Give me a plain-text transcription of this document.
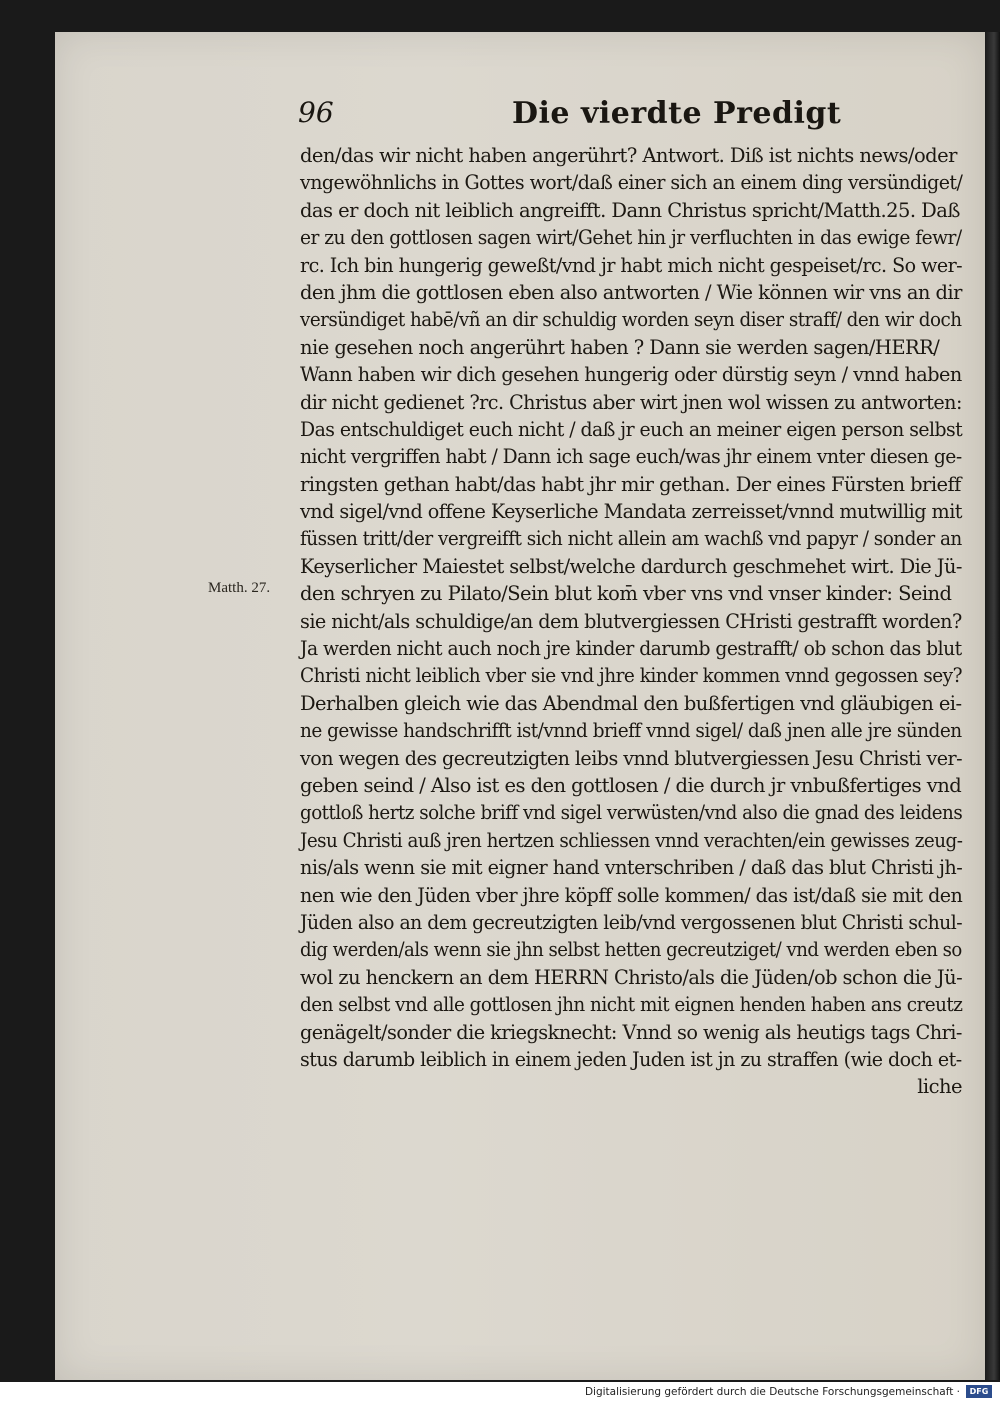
96	Die vierdte Predigt
Matth. 27.
den/das wir nicht haben angerührt? Antwort. Diß ist nichts news/oder
vngewöhnlichs in Gottes wort/daß einer sich an einem ding versündiget/
das er doch nit leiblich angreifft. Dann Christus spricht/Matth.25. Daß
er zu den gottlosen sagen wirt/Gehet hin jr verfluchten in das ewige fewr/
rc. Ich bin hungerig geweßt/vnd jr habt mich nicht gespeiset/rc. So wer-
den jhm die gottlosen eben also antworten / Wie können wir vns an dir
versündiget habē/vñ an dir schuldig worden seyn diser straff/ den wir doch
nie gesehen noch angerührt haben ? Dann sie werden sagen/HERR/
Wann haben wir dich gesehen hungerig oder dürstig seyn / vnnd haben
dir nicht gedienet ?rc. Christus aber wirt jnen wol wissen zu antworten:
Das entschuldiget euch nicht / daß jr euch an meiner eigen person selbst
nicht vergriffen habt / Dann ich sage euch/was jhr einem vnter diesen ge-
ringsten gethan habt/das habt jhr mir gethan. Der eines Fürsten brieff
vnd sigel/vnd offene Keyserliche Mandata zerreisset/vnnd mutwillig mit
füssen tritt/der vergreifft sich nicht allein am wachß vnd papyr / sonder an
Keyserlicher Maiestet selbst/welche dardurch geschmehet wirt. Die Jü-
den schryen zu Pilato/Sein blut kom̄ vber vns vnd vnser kinder: Seind
sie nicht/als schuldige/an dem blutvergiessen CHristi gestrafft worden?
Ja werden nicht auch noch jre kinder darumb gestrafft/ ob schon das blut
Christi nicht leiblich vber sie vnd jhre kinder kommen vnnd gegossen sey?
Derhalben gleich wie das Abendmal den bußfertigen vnd gläubigen ei-
ne gewisse handschrifft ist/vnnd brieff vnnd sigel/ daß jnen alle jre sünden
von wegen des gecreutzigten leibs vnnd blutvergiessen Jesu Christi ver-
geben seind / Also ist es den gottlosen / die durch jr vnbußfertiges vnd
gottloß hertz solche briff vnd sigel verwüsten/vnd also die gnad des leidens
Jesu Christi auß jren hertzen schliessen vnnd verachten/ein gewisses zeug-
nis/als wenn sie mit eigner hand vnterschriben / daß das blut Christi jh-
nen wie den Jüden vber jhre köpff solle kommen/ das ist/daß sie mit den
Jüden also an dem gecreutzigten leib/vnd vergossenen blut Christi schul-
dig werden/als wenn sie jhn selbst hetten gecreutziget/ vnd werden eben so
wol zu henckern an dem HERRN Christo/als die Jüden/ob schon die Jü-
den selbst vnd alle gottlosen jhn nicht mit eignen henden haben ans creutz
genägelt/sonder die kriegsknecht: Vnnd so wenig als heutigs tags Chri-
stus darumb leiblich in einem jeden Juden ist jn zu straffen (wie doch et-
liche
Digitalisierung gefördert durch die Deutsche Forschungsgemeinschaft ·	DFG
